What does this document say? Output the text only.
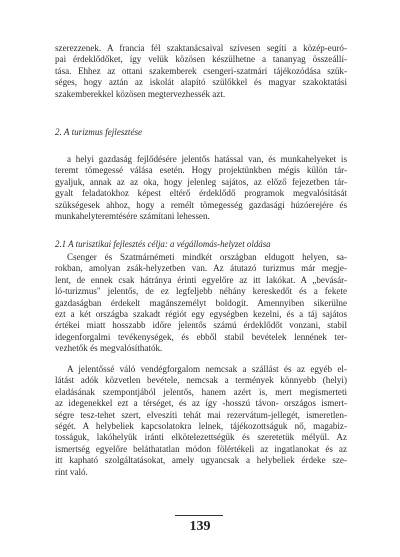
szerezzenek. A francia fél szaktanácsaival szívesen segíti a közép-euró-
pai érdeklődőket, így velük közösen készülhetne a tananyag összeállí-
tása. Ehhez az ottani szakemberek csengeri-szatmári tájékozódása szük-
séges, hogy aztán az iskolát alapító szülőkkel és magyar szakoktatási
szakemberekkel közösen megtervezhessék azt.
2. A turizmus fejlesztése
a helyi gazdaság fejlődésére jelentős hatással van, és munkahelyeket is
teremt tömegessé válása esetén. Hogy projektünkben mégis külön tár-
gyaljuk, annak az az oka, hogy jelenleg sajátos, az előző fejezetben tár-
gyalt feladatokhoz képest eltérő érdeklődő programok megvalósítását
szükségesek ahhoz, hogy a remélt tömegesség gazdasági húzóerejére és
munkahelyteremtésére számítani lehessen.
2.1 A turisztikai fejlesztés célja: a végállomás-helyzet oldása
Csenger és Szatmárnémeti mindkét országban eldugott helyen, sa-
rokban, amolyan zsák-helyzetben van. Az átutazó turizmus már megje-
lent, de ennek csak hátránya érinti egyelőre az itt lakókat. A „bevásár-
ló-turizmus" jelentős, de ez legfeljebb néhány kereskedőt és a fekete
gazdaságban érdekelt magánszemélyt boldogít. Amennyiben sikerülne
ezt a két országba szakadt régiót egy egységben kezelni, és a táj sajátos
értékei miatt hosszabb időre jelentős számú érdeklődőt vonzani, stabil
idegenforgalmi tevékenységek, és ebből stabil bevételek lennének ter-
vezhetők és megvalósíthatók.
A jelentőssé váló vendégforgalom nemcsak a szállást és az egyéb el-
látást adók közvetlen bevétele, nemcsak a termények könnyebb (helyi)
eladásának szempontjából jelentős, hanem azért is, mert megismerteti
az idegenekkel ezt a térséget, és az így -hosszú távon- országos ismert-
ségre tesz-tehet szert, elveszíti tehát mai rezervátum-jellegét, ismeretlen-
ségét. A helybeliek kapcsolatokra lelnek, tájékozottságuk nő, magabiz-
tosságuk, lakóhelyük iránti elkötelezettségük és szeretetük mélyül. Az
ismertség egyelőre beláthatatlan módon fölértékeli az ingatlanokat és az
itt kapható szolgáltatásokat, amely ugyancsak a helybeliek érdeke sze-
rint való.
139
